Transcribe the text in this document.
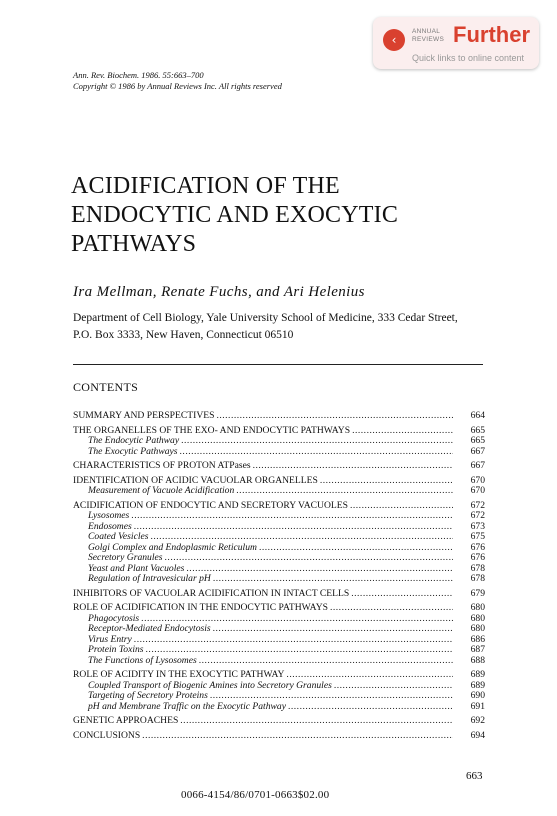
‹
ANNUAL
REVIEWS Further
Quick links to online content
Ann. Rev. Biochem. 1986. 55:663–700
Copyright © 1986 by Annual Reviews Inc. All rights reserved
ACIDIFICATION OF THE
ENDOCYTIC AND EXOCYTIC
PATHWAYS
Ira Mellman, Renate Fuchs, and Ari Helenius
Department of Cell Biology, Yale University School of Medicine, 333 Cedar Street,
P.O. Box 3333, New Haven, Connecticut 06510
CONTENTS
SUMMARY AND PERSPECTIVES .....	664
THE ORGANELLES OF THE EXO- AND ENDOCYTIC PATHWAYS .....	665
The Endocytic Pathway .....	665
The Exocytic Pathways .....	667
CHARACTERISTICS OF PROTON ATPases .....	667
IDENTIFICATION OF ACIDIC VACUOLAR ORGANELLES .....	670
Measurement of Vacuole Acidification .....	670
ACIDIFICATION OF ENDOCYTIC AND SECRETORY VACUOLES .....	672
Lysosomes .....	672
Endosomes .....	673
Coated Vesicles .....	675
Golgi Complex and Endoplasmic Reticulum .....	676
Secretory Granules .....	676
Yeast and Plant Vacuoles .....	678
Regulation of Intravesicular pH .....	678
INHIBITORS OF VACUOLAR ACIDIFICATION IN INTACT CELLS .....	679
ROLE OF ACIDIFICATION IN THE ENDOCYTIC PATHWAYS .....	680
Phagocytosis .....	680
Receptor-Mediated Endocytosis .....	680
Virus Entry .....	686
Protein Toxins .....	687
The Functions of Lysosomes .....	688
ROLE OF ACIDITY IN THE EXOCYTIC PATHWAY .....	689
Coupled Transport of Biogenic Amines into Secretory Granules .....	689
Targeting of Secretory Proteins .....	690
pH and Membrane Traffic on the Exocytic Pathway .....	691
GENETIC APPROACHES .....	692
CONCLUSIONS .....	694
663
0066-4154/86/0701-0663$02.00
